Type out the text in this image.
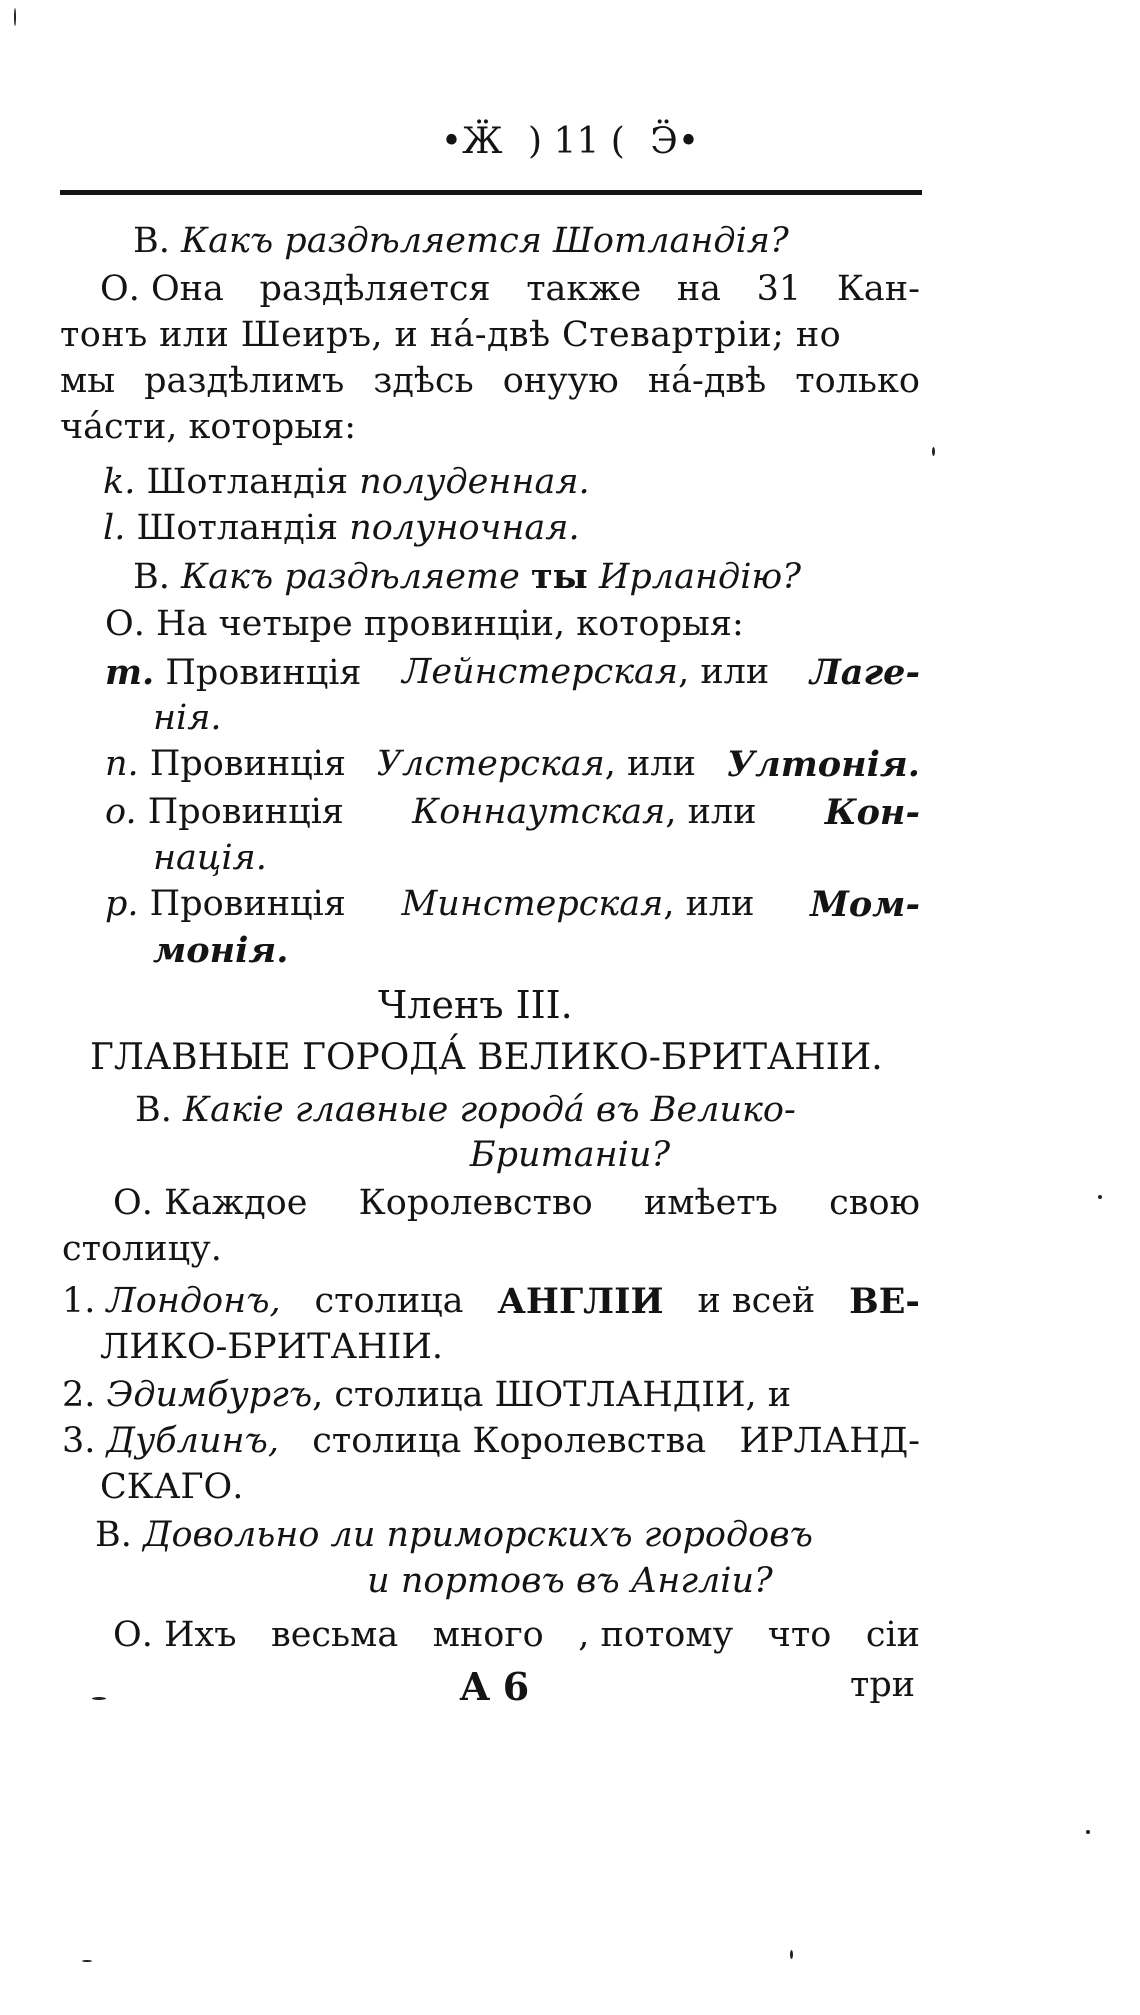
•Ӝ ) 11 ( Ӭ•
В. Какъ раздѣляется Шотландія?
О. Она раздѣляется также на 31 Кан-
тонъ или Шеиръ, и на́-двѣ Стевартріи; но
мы раздѣлимъ здѣсь онуую на́-двѣ только
ча́сти, которыя:
k. Шотландія полуденная.
l. Шотландія полуночная.
В. Какъ раздѣляете ты Ирландію?
О. На четыре провинціи, которыя:
m. Провинція Лейнстерская, или Лаге-
нія.
n. Провинція Улстерская, или Ултонія.
o. Провинція Коннаутская, или Кон-
нація.
p. Провинція Минстерская, или Мом-
монія.
Членъ III.
ГЛАВНЫЕ ГОРОДА́ ВЕЛИКО-БРИТАНІИ.
В. Какіе главные города́ въ Велико-
Британіи?
О. Каждое Королевство имѣетъ свою
столицу.
1. Лондонъ, столица АНГЛІИ и всей ВЕ-
ЛИКО-БРИТАНІИ.
2. Эдимбургъ, столица ШОТЛАНДІИ, и
3. Дублинъ, столица Королевства ИРЛАНД-
СКАГО.
В. Довольно ли приморскихъ городовъ
и портовъ въ Англіи?
О. Ихъ весьма много , потому что сіи
A 6	три
